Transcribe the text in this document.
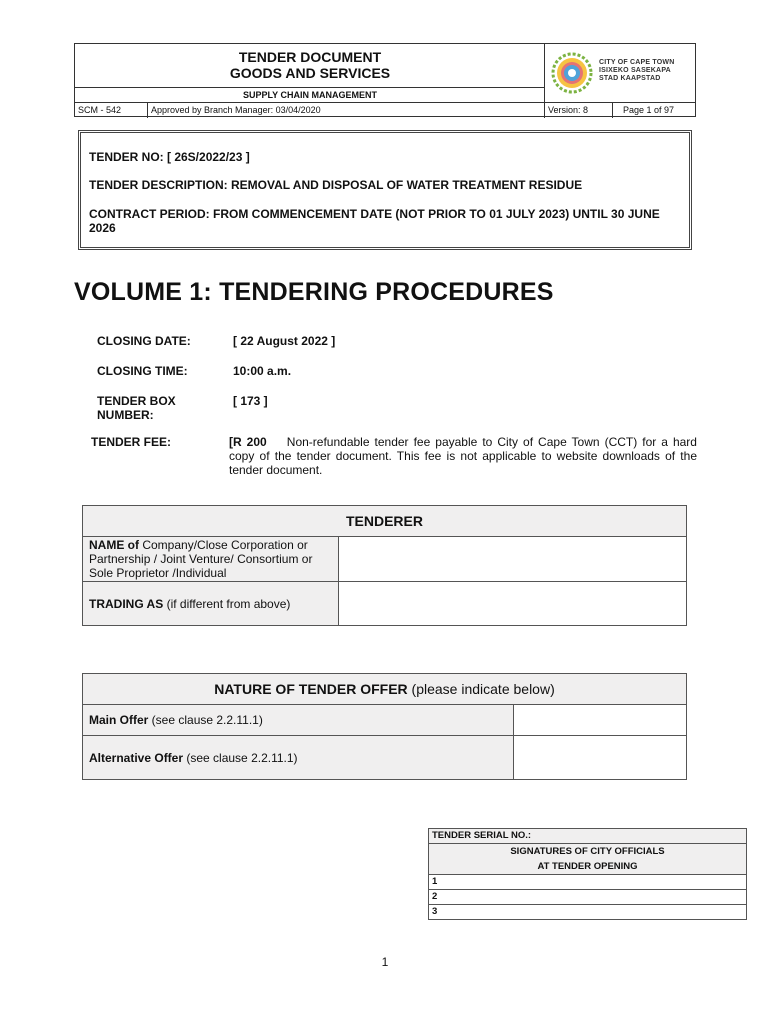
TENDER DOCUMENT
GOODS AND SERVICES
SUPPLY CHAIN MANAGEMENT
CITY OF CAPE TOWN
ISIXEKO SASEKAPA
STAD KAAPSTAD
SCM - 542	Approved by Branch Manager: 03/04/2020	Version: 8	Page 1 of 97

TENDER NO: [ 26S/2022/23 ]

TENDER DESCRIPTION: REMOVAL AND DISPOSAL OF WATER TREATMENT RESIDUE

CONTRACT PERIOD: FROM COMMENCEMENT DATE (NOT PRIOR TO 01 JULY 2023) UNTIL 30 JUNE 2026

VOLUME 1: TENDERING PROCEDURES
CLOSING DATE:	[ 22 August 2022 ]
CLOSING TIME:	10:00 a.m.
TENDER BOX NUMBER:
[ 173 ]
TENDER FEE:	[R 200 Non-refundable tender fee payable to City of Cape Town (CCT) for a hard copy of the tender document. This fee is not applicable to website downloads of the tender document.
TENDERER	
NAME of Company/Close Corporation or Partnership / Joint Venture/ Consortium or Sole Proprietor /Individual	
TRADING AS (if different from above)	
NATURE OF TENDER OFFER (please indicate below)	
Main Offer (see clause 2.2.11.1)	
Alternative Offer (see clause 2.2.11.1)	
TENDER SERIAL NO.:

SIGNATURES OF CITY OFFICIALS
AT TENDER OPENING

1
2
3
1
